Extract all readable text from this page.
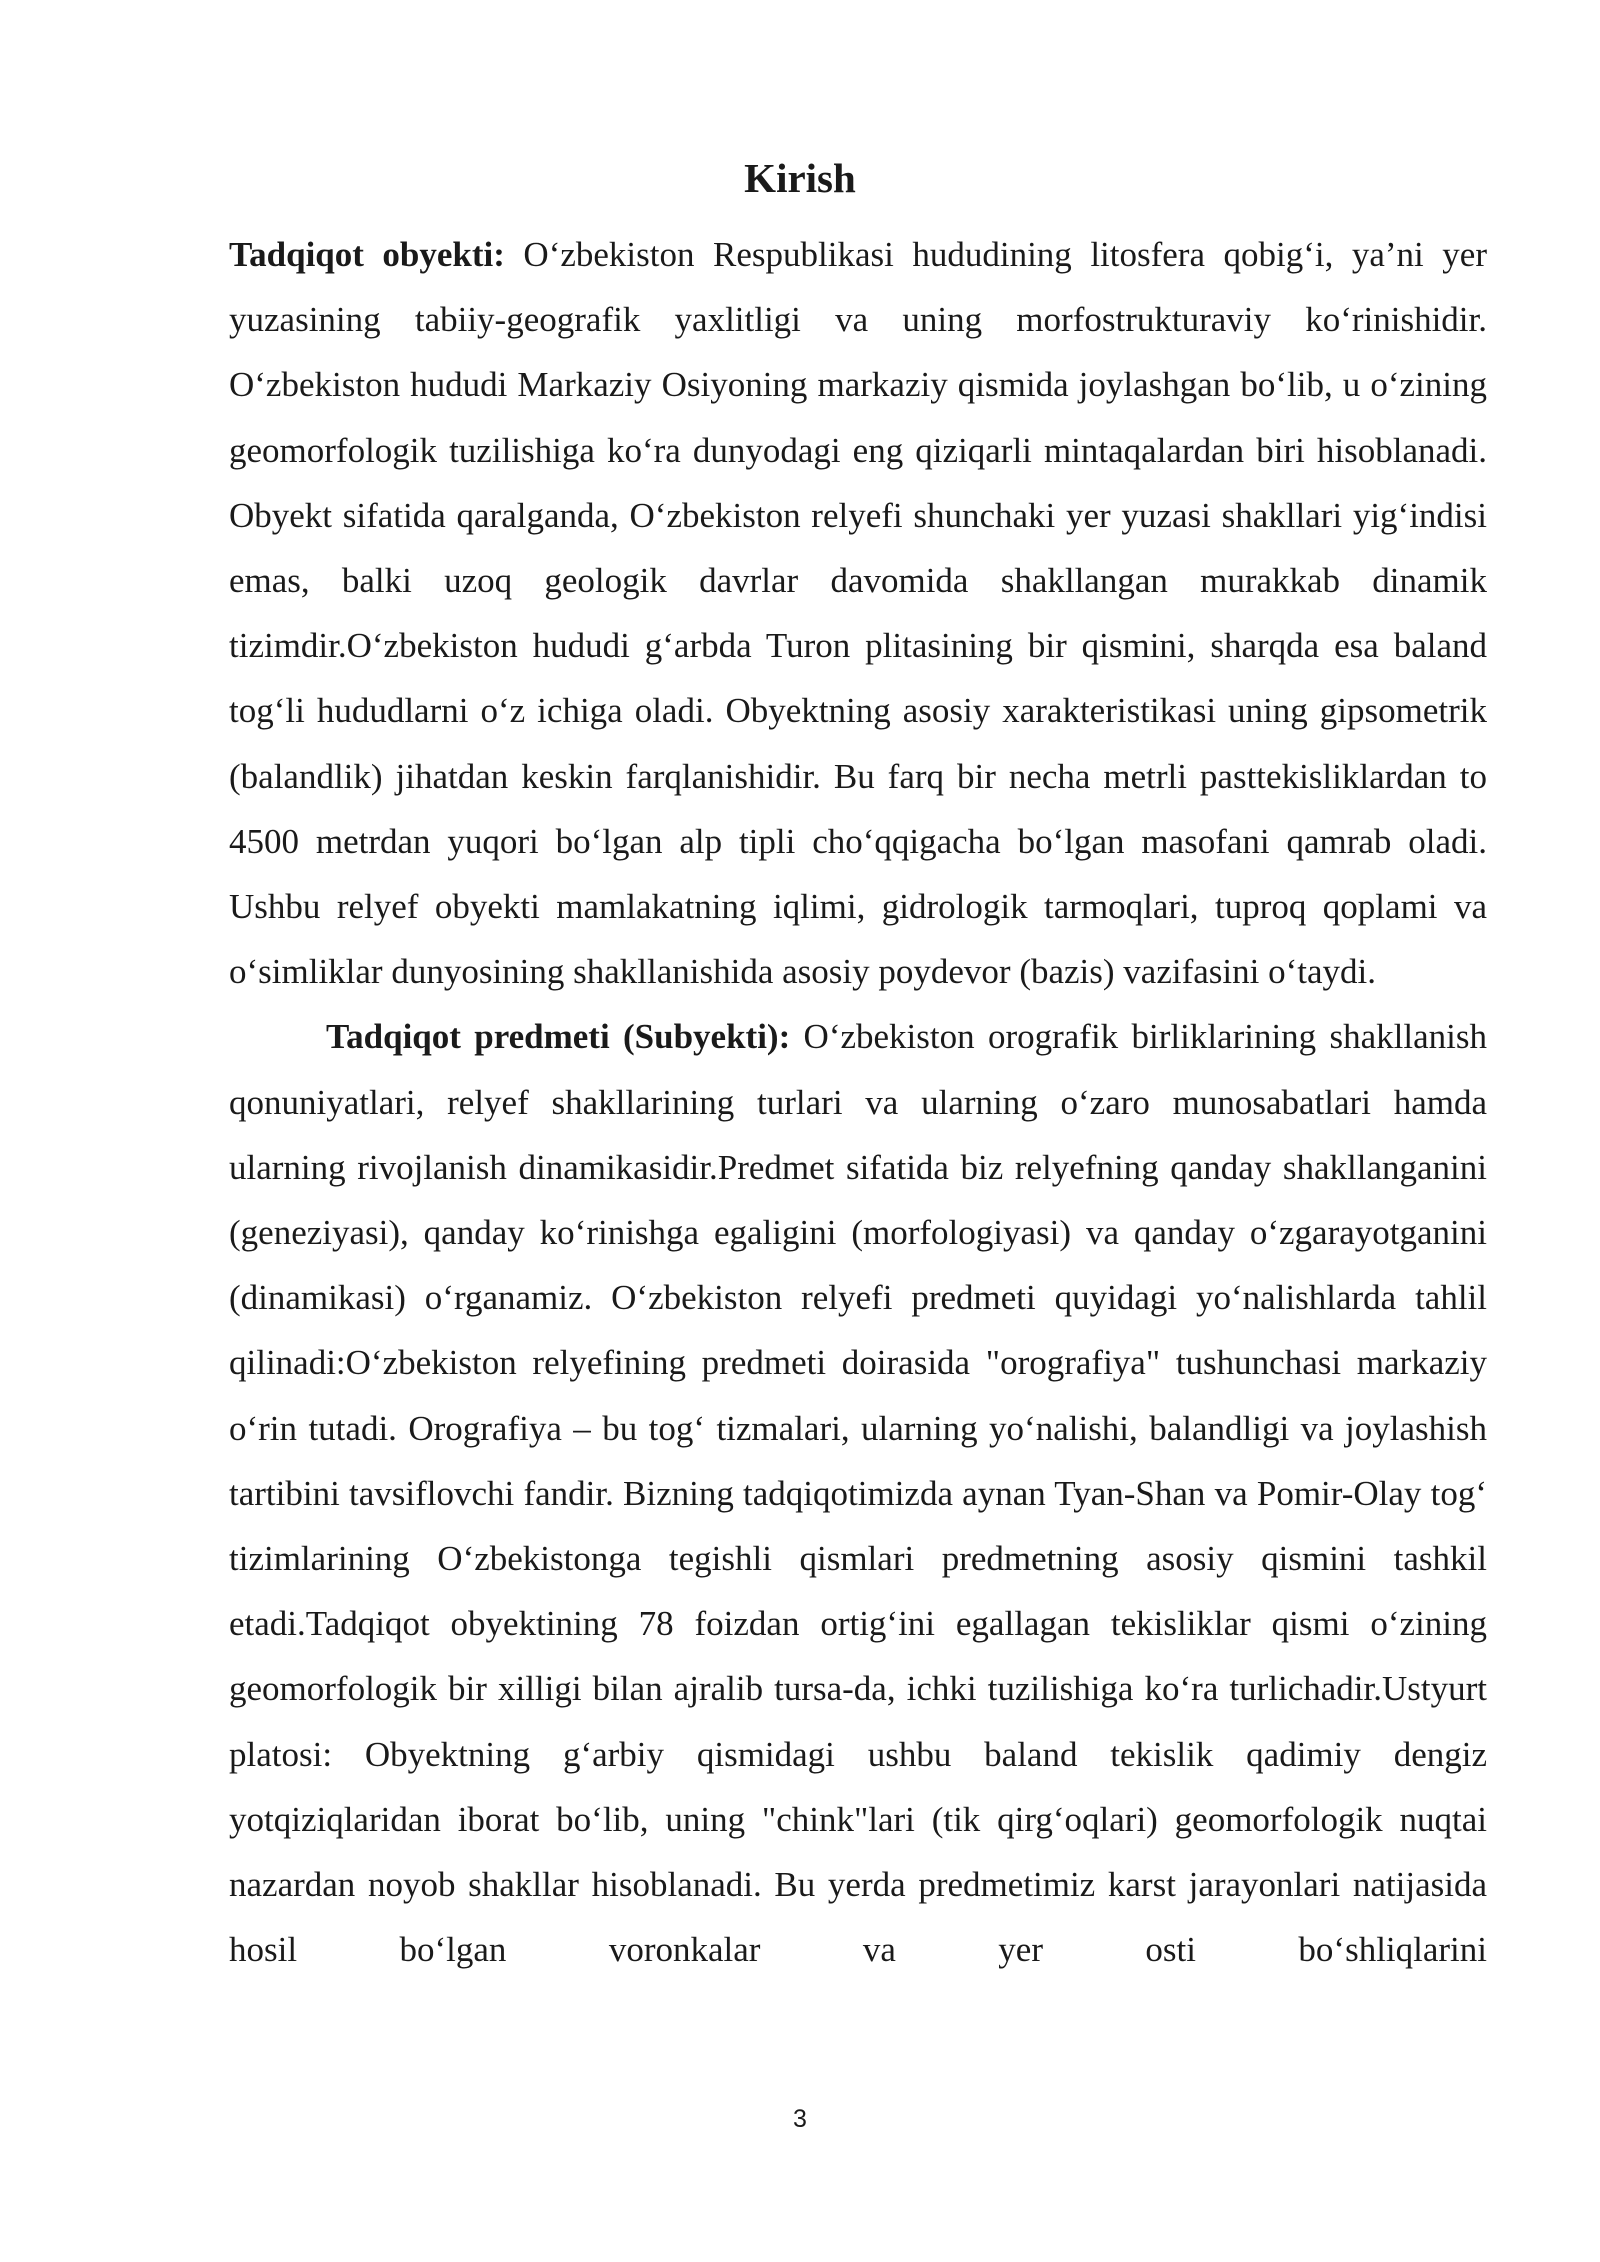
Kirish

Tadqiqot obyekti: O‘zbekiston Respublikasi hududining litosfera qobig‘i, ya’ni yer yuzasining tabiiy-geografik yaxlitligi va uning morfostrukturaviy ko‘rinishidir. O‘zbekiston hududi Markaziy Osiyoning markaziy qismida joylashgan bo‘lib, u o‘zining geomorfologik tuzilishiga ko‘ra dunyodagi eng qiziqarli mintaqalardan biri hisoblanadi. Obyekt sifatida qaralganda, O‘zbekiston relyefi shunchaki yer yuzasi shakllari yig‘indisi emas, balki uzoq geologik davrlar davomida shakllangan murakkab dinamik tizimdir.O‘zbekiston hududi g‘arbda Turon plitasining bir qismini, sharqda esa baland tog‘li hududlarni o‘z ichiga oladi. Obyektning asosiy xarakteristikasi uning gipsometrik (balandlik) jihatdan keskin farqlanishidir. Bu farq bir necha metrli pasttekisliklardan to 4500 metrdan yuqori bo‘lgan alp tipli cho‘qqigacha bo‘lgan masofani qamrab oladi. Ushbu relyef obyekti mamlakatning iqlimi, gidrologik tarmoqlari, tuproq qoplami va o‘simliklar dunyosining shakllanishida asosiy poydevor (bazis) vazifasini o‘taydi.

Tadqiqot predmeti (Subyekti): O‘zbekiston orografik birliklarining shakllanish qonuniyatlari, relyef shakllarining turlari va ularning o‘zaro munosabatlari hamda ularning rivojlanish dinamikasidir.Predmet sifatida biz relyefning qanday shakllanganini (geneziyasi), qanday ko‘rinishga egaligini (morfologiyasi) va qanday o‘zgarayotganini (dinamikasi) o‘rganamiz. O‘zbekiston relyefi predmeti quyidagi yo‘nalishlarda tahlil qilinadi:O‘zbekiston relyefining predmeti doirasida "orografiya" tushunchasi markaziy o‘rin tutadi. Orografiya – bu tog‘ tizmalari, ularning yo‘nalishi, balandligi va joylashish tartibini tavsiflovchi fandir. Bizning tadqiqotimizda aynan Tyan-Shan va Pomir-Olay tog‘ tizimlarining O‘zbekistonga tegishli qismlari predmetning asosiy qismini tashkil etadi.Tadqiqot obyektining 78 foizdan ortig‘ini egallagan tekisliklar qismi o‘zining geomorfologik bir xilligi bilan ajralib tursa-da, ichki tuzilishiga ko‘ra turlichadir.Ustyurt platosi: Obyektning g‘arbiy qismidagi ushbu baland tekislik qadimiy dengiz yotqiziqlaridan iborat bo‘lib, uning "chink"lari (tik qirg‘oqlari) geomorfologik nuqtai nazardan noyob shakllar hisoblanadi. Bu yerda predmetimiz karst jarayonlari natijasida hosil bo‘lgan voronkalar va yer osti bo‘shliqlarini

3
